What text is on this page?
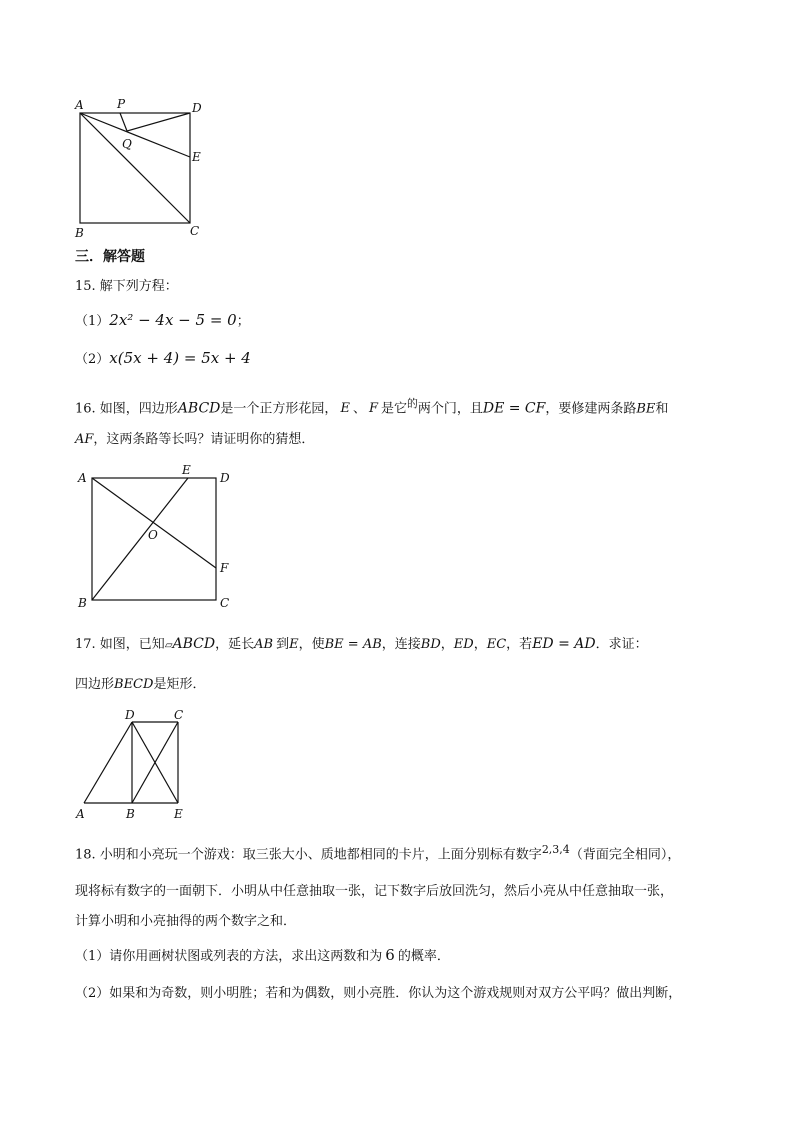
A	P	D
Q
E
B	C
三．解答题
15. 解下列方程：
（1）2x² − 4x − 5 = 0；
（2）x(5x + 4) = 5x + 4
16. 如图，四边形ABCD是一个正方形花园， E 、 F 是它$^的$两个门，且DE = CF，要修建两条路BE和
AF，这两条路等长吗？请证明你的猜想．
A
E
D
O
F
B	C
17. 如图，已知▱ABCD，延长AB 到E，使BE = AB，连接BD，ED，EC，若ED = AD．求证：
四边形BECD是矩形．
D	C
A	B	E
18. 小明和小亮玩一个游戏：取三张大小、质地都相同的卡片，上面分别标有数字$^{2,3,4}$（背面完全相同），
现将标有数字的一面朝下．小明从中任意抽取一张，记下数字后放回洗匀，然后小亮从中任意抽取一张，
计算小明和小亮抽得的两个数字之和．
（1）请你用画树状图或列表的方法，求出这两数和为 6 的概率．
（2）如果和为奇数，则小明胜；若和为偶数，则小亮胜．你认为这个游戏规则对双方公平吗？做出判断，
